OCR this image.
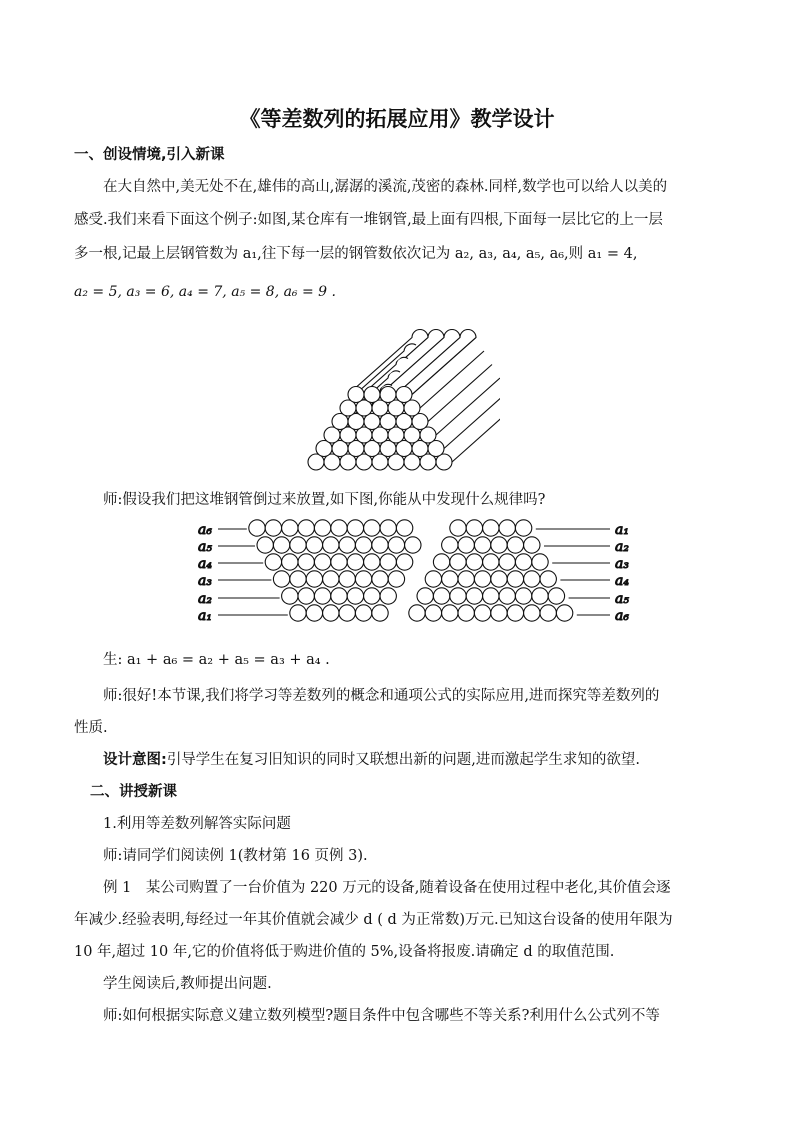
《等差数列的拓展应用》教学设计
一、创设情境,引入新课
在大自然中,美无处不在,雄伟的高山,潺潺的溪流,茂密的森林.同样,数学也可以给人以美的
感受.我们来看下面这个例子:如图,某仓库有一堆钢管,最上面有四根,下面每一层比它的上一层
多一根,记最上层钢管数为 a₁,往下每一层的钢管数依次记为 a₂, a₃, a₄, a₅, a₆,则 a₁ = 4,
a₂ = 5, a₃ = 6, a₄ = 7, a₅ = 8, a₆ = 9 .
师:假设我们把这堆钢管倒过来放置,如下图,你能从中发现什么规律吗?
a₆	a₁
a₅	a₂
a₄	a₃
a₃	a₄
a₂	a₅
a₁	a₆
生: a₁ + a₆ = a₂ + a₅ = a₃ + a₄ .
师:很好!本节课,我们将学习等差数列的概念和通项公式的实际应用,进而探究等差数列的
性质.
设计意图:引导学生在复习旧知识的同时又联想出新的问题,进而激起学生求知的欲望.
二、讲授新课
1.利用等差数列解答实际问题
师:请同学们阅读例 1(教材第 16 页例 3).
例 1　某公司购置了一台价值为 220 万元的设备,随着设备在使用过程中老化,其价值会逐
年减少.经验表明,每经过一年其价值就会减少 d ( d 为正常数)万元.已知这台设备的使用年限为
10 年,超过 10 年,它的价值将低于购进价值的 5%,设备将报废.请确定 d 的取值范围.
学生阅读后,教师提出问题.
师:如何根据实际意义建立数列模型?题目条件中包含哪些不等关系?利用什么公式列不等
